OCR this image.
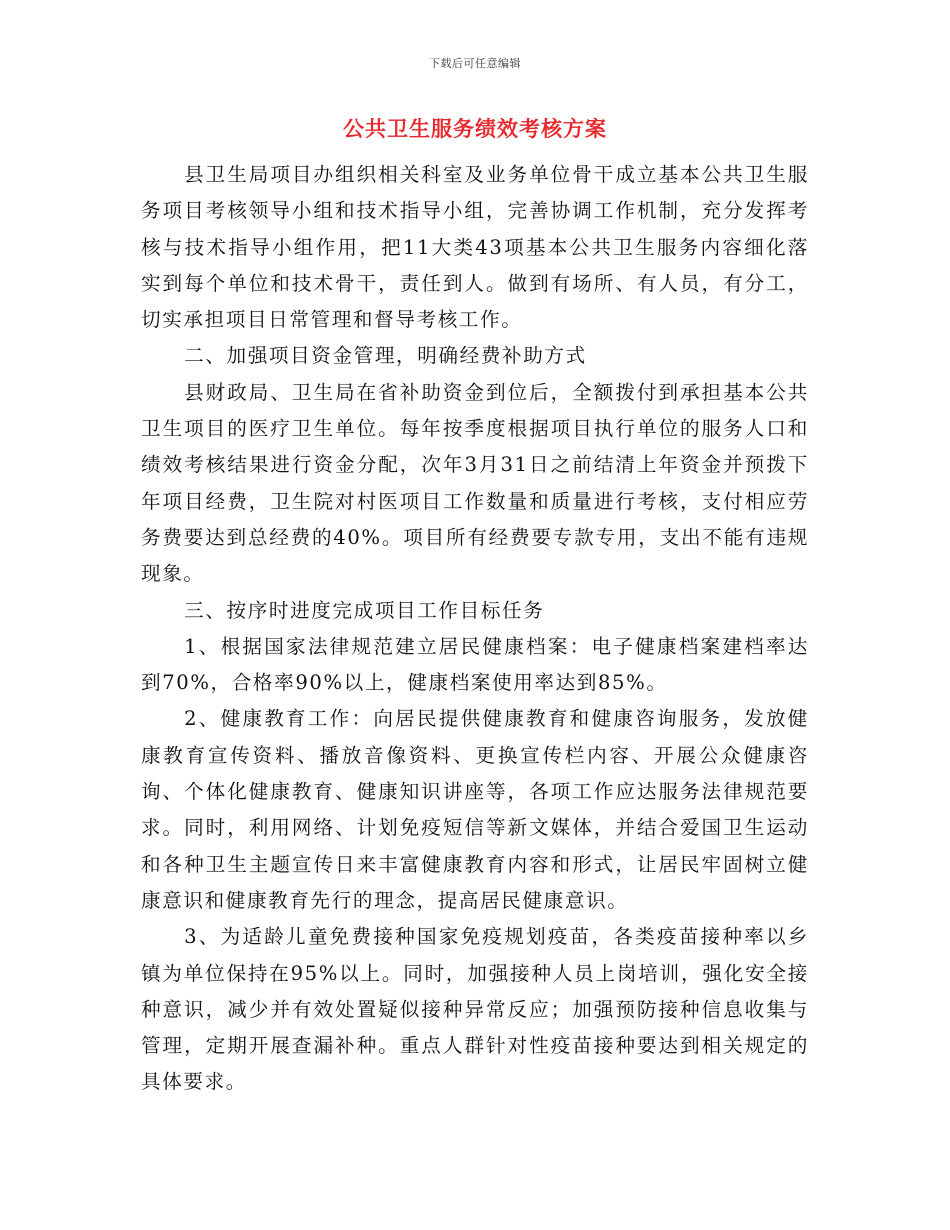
下载后可任意编辑
公共卫生服务绩效考核方案

县卫生局项目办组织相关科室及业务单位骨干成立基本公共卫生服务项目考核领导小组和技术指导小组，完善协调工作机制，充分发挥考核与技术指导小组作用，把11大类43项基本公共卫生服务内容细化落实到每个单位和技术骨干，责任到人。做到有场所、有人员，有分工，切实承担项目日常管理和督导考核工作。

二、加强项目资金管理，明确经费补助方式

县财政局、卫生局在省补助资金到位后，全额拨付到承担基本公共卫生项目的医疗卫生单位。每年按季度根据项目执行单位的服务人口和绩效考核结果进行资金分配，次年3月31日之前结清上年资金并预拨下年项目经费，卫生院对村医项目工作数量和质量进行考核，支付相应劳务费要达到总经费的40%。项目所有经费要专款专用，支出不能有违规现象。

三、按序时进度完成项目工作目标任务

1、根据国家法律规范建立居民健康档案：电子健康档案建档率达到70%，合格率90%以上，健康档案使用率达到85%。

2、健康教育工作：向居民提供健康教育和健康咨询服务，发放健康教育宣传资料、播放音像资料、更换宣传栏内容、开展公众健康咨询、个体化健康教育、健康知识讲座等，各项工作应达服务法律规范要求。同时，利用网络、计划免疫短信等新文媒体，并结合爱国卫生运动和各种卫生主题宣传日来丰富健康教育内容和形式，让居民牢固树立健康意识和健康教育先行的理念，提高居民健康意识。

3、为适龄儿童免费接种国家免疫规划疫苗，各类疫苗接种率以乡镇为单位保持在95%以上。同时，加强接种人员上岗培训，强化安全接种意识，减少并有效处置疑似接种异常反应；加强预防接种信息收集与管理，定期开展查漏补种。重点人群针对性疫苗接种要达到相关规定的具体要求。
